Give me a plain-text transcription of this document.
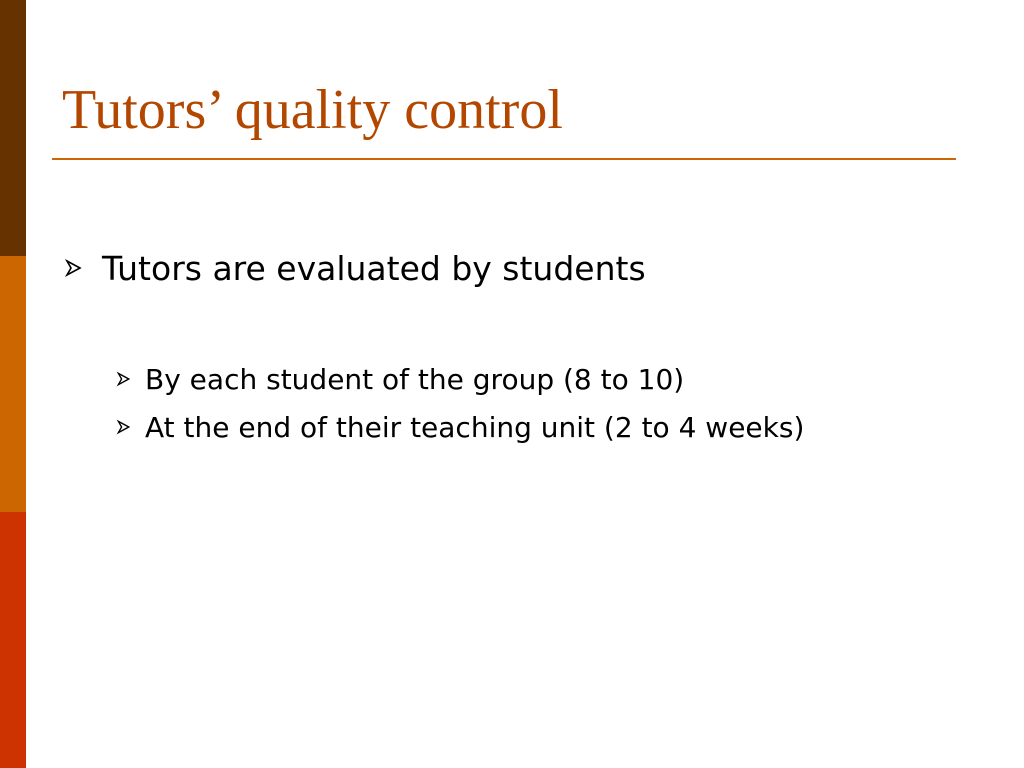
Tutors’ quality control
Tutors are evaluated by students
By each student of the group (8 to 10)
At the end of their teaching unit (2 to 4 weeks)
